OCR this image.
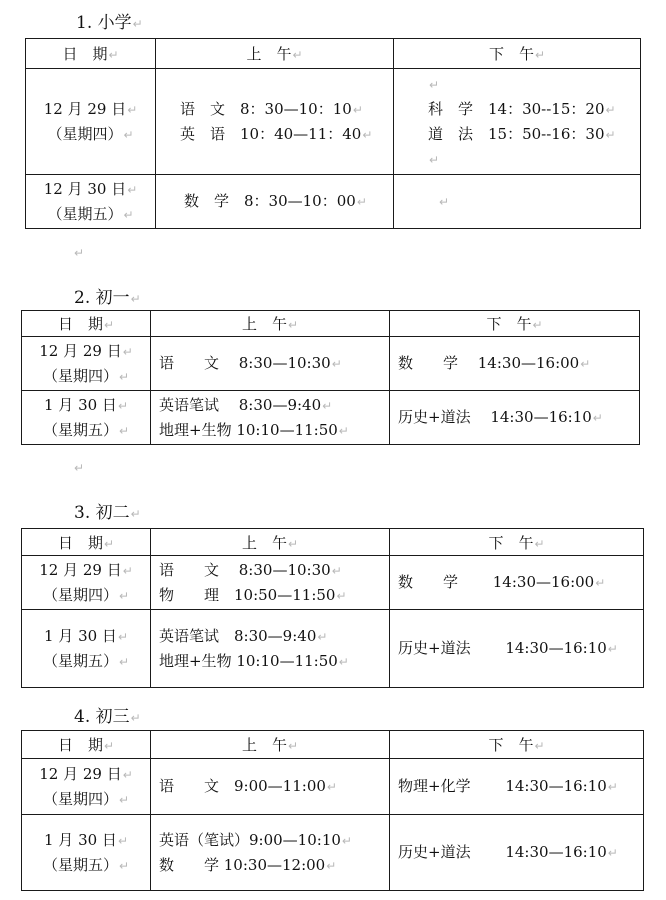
1. 小学↵
日　期↵	上　午↵	下　午↵

12 月 29 日↵
（星期四）↵	语　文　8：30—10：10↵
英　语　10：40—11：40↵	↵
科　学　14：30--15：20↵
道　法　15：50--16：30↵
↵

12 月 30 日↵
（星期五）↵	数　学　8：30—10：00↵	↵
↵
2. 初一↵
日　期↵	上　午↵	下　午↵

12 月 29 日↵
（星期四）↵	语　　文　 8:30—10:30↵	数　　学　 14:30—16:00↵

1 月 30 日↵
（星期五）↵	英语笔试　 8:30—9:40↵
地理+生物 10:10—11:50↵	历史+道法　 14:30—16:10↵
↵
3. 初二↵
日　期↵	上　午↵	下　午↵

12 月 29 日↵
（星期四）↵	语　　文　 8:30—10:30↵
物　　理　10:50—11:50↵	数　　学　　 14:30—16:00↵

1 月 30 日↵
（星期五）↵	英语笔试　8:30—9:40↵
地理+生物 10:10—11:50↵	历史+道法　　 14:30—16:10↵
4. 初三↵
日　期↵	上　午↵	下　午↵

12 月 29 日↵
（星期四）↵	语　　文　9:00—11:00↵	物理+化学　　 14:30—16:10↵

1 月 30 日↵
（星期五）↵	英语（笔试）9:00—10:10↵
数　　学 10:30—12:00↵	历史+道法　　 14:30—16:10↵
